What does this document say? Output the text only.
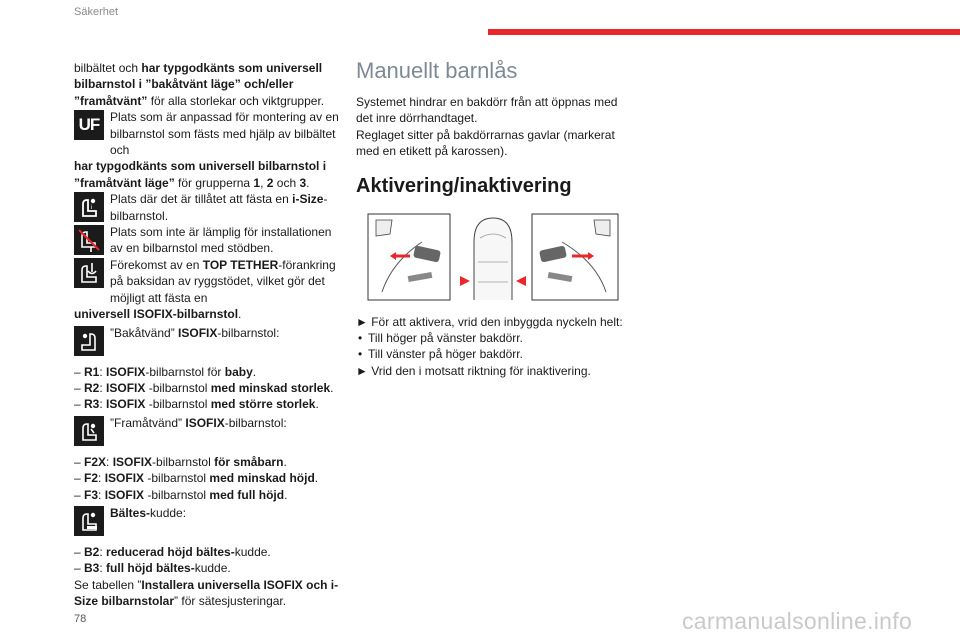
Säkerhet

bilbältet och har typgodkänts som universell bilbarnstol i ”bakåtvänt läge” och/eller ”framåtvänt” för alla storlekar och viktgrupper.

UF Plats som är anpassad för montering av en bilbarnstol som fästs med hjälp av bilbältet och

har typgodkänts som universell bilbarnstol i ”framåtvänt läge” för grupperna 1, 2 och 3.

i
Plats där det är tillåtet att fästa en i-Size-bilbarnstol.
Plats som inte är lämplig för installationen av en bilbarnstol med stödben.
Förekomst av en TOP TETHER-förankring på baksidan av ryggstödet, vilket gör det möjligt att fästa en

universell ISOFIX-bilbarnstol.

”Bakåtvänd” ISOFIX-bilbarnstol:

– R1: ISOFIX-bilbarnstol för baby.

– R2: ISOFIX -bilbarnstol med minskad storlek.

– R3: ISOFIX -bilbarnstol med större storlek.

”Framåtvänd” ISOFIX-bilbarnstol:

– F2X: ISOFIX-bilbarnstol för småbarn.

– F2: ISOFIX -bilbarnstol med minskad höjd.

– F3: ISOFIX -bilbarnstol med full höjd.

Bältes-kudde:

– B2: reducerad höjd bältes-kudde.

– B3: full höjd bältes-kudde.

Se tabellen ”Installera universella ISOFIX och i-Size bilbarnstolar” för sätesjusteringar.

Manuellt barnlås

Systemet hindrar en bakdörr från att öppnas med det inre dörrhandtaget.

Reglaget sitter på bakdörrarnas gavlar (markerat med en etikett på karossen).

Aktivering/inaktivering

► För att aktivera, vrid den inbyggda nyckeln helt:

• Till höger på vänster bakdörr.
• Till vänster på höger bakdörr.

► Vrid den i motsatt riktning för inaktivering.

78	carmanualsonline.info
